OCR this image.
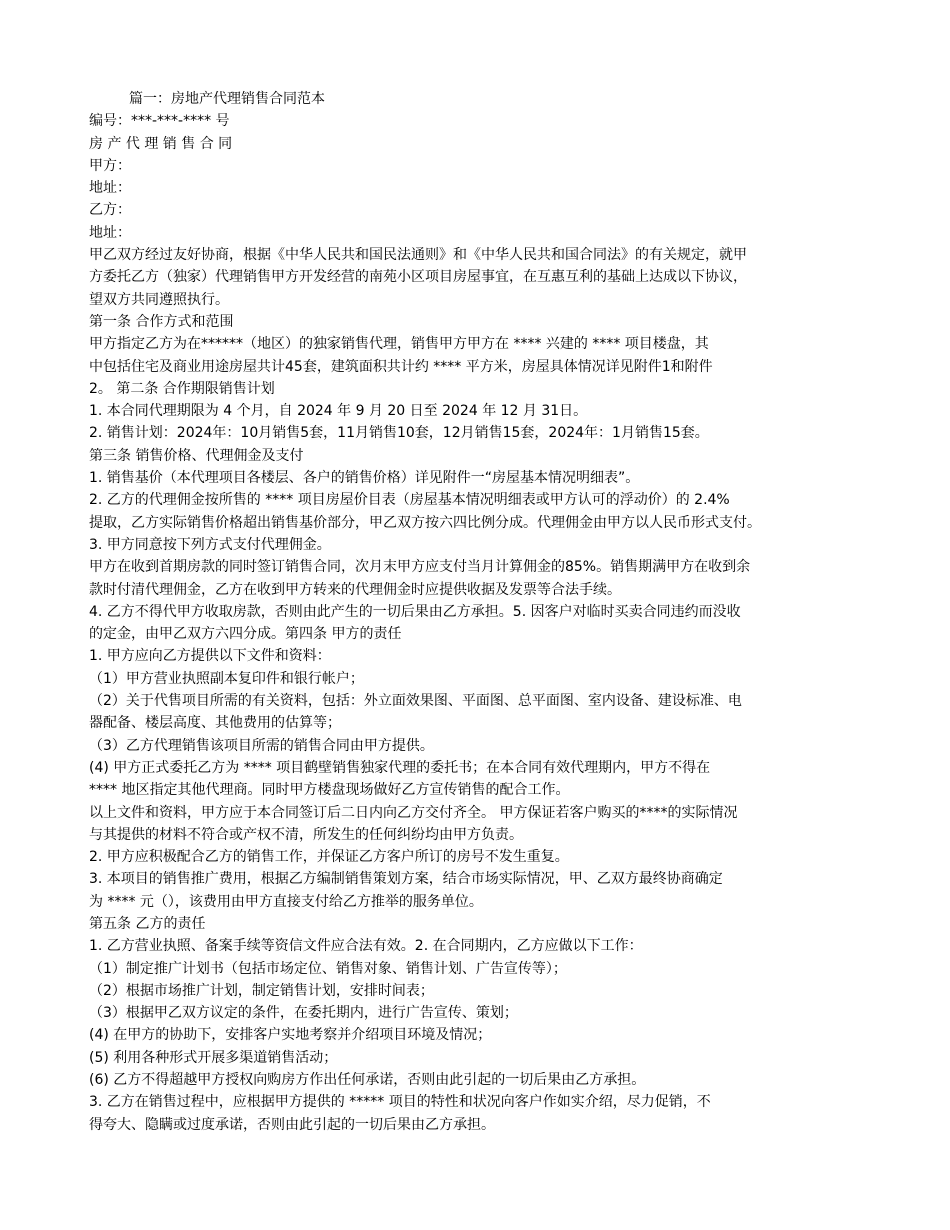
篇一：房地产代理销售合同范本

编号：***-***-**** 号

房 产 代 理 销 售 合 同

甲方：

地址：

乙方：

地址：

甲乙双方经过友好协商，根据《中华人民共和国民法通则》和《中华人民共和国合同法》的有关规定，就甲

方委托乙方（独家）代理销售甲方开发经营的南苑小区项目房屋事宜，在互惠互利的基础上达成以下协议，

望双方共同遵照执行。

第一条 合作方式和范围

甲方指定乙方为在******（地区）的独家销售代理，销售甲方甲方在 **** 兴建的 **** 项目楼盘，其

中包括住宅及商业用途房屋共计45套，建筑面积共计约 **** 平方米，房屋具体情况详见附件1和附件

2。 第二条 合作期限销售计划

1. 本合同代理期限为 4 个月，自 2024 年 9 月 20 日至 2024 年 12 月 31日。

2. 销售计划：2024年：10月销售5套，11月销售10套，12月销售15套，2024年：1月销售15套。

第三条 销售价格、代理佣金及支付

1. 销售基价（本代理项目各楼层、各户的销售价格）详见附件一“房屋基本情况明细表”。

2. 乙方的代理佣金按所售的 **** 项目房屋价目表（房屋基本情况明细表或甲方认可的浮动价）的 2.4%

提取，乙方实际销售价格超出销售基价部分，甲乙双方按六四比例分成。代理佣金由甲方以人民币形式支付。

3. 甲方同意按下列方式支付代理佣金。

甲方在收到首期房款的同时签订销售合同，次月末甲方应支付当月计算佣金的85%。销售期满甲方在收到余

款时付清代理佣金，乙方在收到甲方转来的代理佣金时应提供收据及发票等合法手续。

4. 乙方不得代甲方收取房款，否则由此产生的一切后果由乙方承担。5. 因客户对临时买卖合同违约而没收

的定金，由甲乙双方六四分成。第四条 甲方的责任

1. 甲方应向乙方提供以下文件和资料：

（1）甲方营业执照副本复印件和银行帐户；

（2）关于代售项目所需的有关资料，包括：外立面效果图、平面图、总平面图、室内设备、建设标准、电

器配备、楼层高度、其他费用的估算等；

（3）乙方代理销售该项目所需的销售合同由甲方提供。

(4) 甲方正式委托乙方为 **** 项目鹤壁销售独家代理的委托书；在本合同有效代理期内，甲方不得在

**** 地区指定其他代理商。同时甲方楼盘现场做好乙方宣传销售的配合工作。

以上文件和资料，甲方应于本合同签订后二日内向乙方交付齐全。 甲方保证若客户购买的****的实际情况

与其提供的材料不符合或产权不清，所发生的任何纠纷均由甲方负责。

2. 甲方应积极配合乙方的销售工作，并保证乙方客户所订的房号不发生重复。

3. 本项目的销售推广费用，根据乙方编制销售策划方案，结合市场实际情况，甲、乙双方最终协商确定

为 **** 元（），该费用由甲方直接支付给乙方推举的服务单位。

第五条 乙方的责任

1. 乙方营业执照、备案手续等资信文件应合法有效。2. 在合同期内，乙方应做以下工作：

（1）制定推广计划书（包括市场定位、销售对象、销售计划、广告宣传等）；

（2）根据市场推广计划，制定销售计划，安排时间表；

（3）根据甲乙双方议定的条件，在委托期内，进行广告宣传、策划；

(4) 在甲方的协助下，安排客户实地考察并介绍项目环境及情况；

(5) 利用各种形式开展多渠道销售活动；

(6) 乙方不得超越甲方授权向购房方作出任何承诺，否则由此引起的一切后果由乙方承担。

3. 乙方在销售过程中，应根据甲方提供的 ***** 项目的特性和状况向客户作如实介绍，尽力促销，不

得夸大、隐瞒或过度承诺，否则由此引起的一切后果由乙方承担。
